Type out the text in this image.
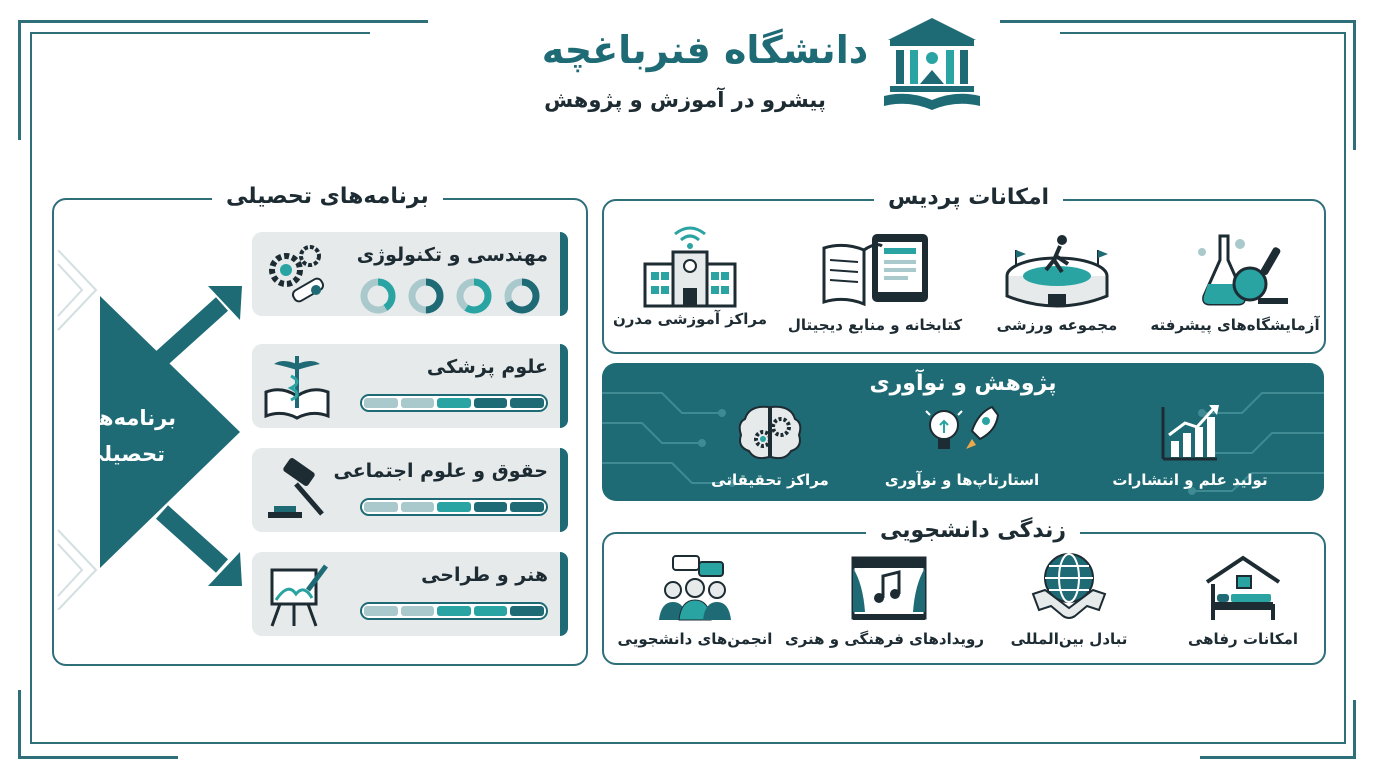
دانشگاه فنرباغچه
پیشرو در آموزش و پژوهش
برنامه‌های تحصیلی
برنامه‌های تحصیلی
مهندسی و تکنولوژی
علوم پزشکی
حقوق و علوم اجتماعی
هنر و طراحی
امکانات پردیس
آزمایشگاه‌های پیشرفته
مجموعه ورزشی
کتابخانه و منابع دیجیتال
مراکز آموزشی مدرن
پژوهش و نوآوری
تولید علم و انتشارات
استارتاپ‌ها و نوآوری
مراکز تحقیقاتی
زندگی دانشجویی
امکانات رفاهی
تبادل بین‌المللی
رویدادهای فرهنگی و هنری
انجمن‌های دانشجویی
